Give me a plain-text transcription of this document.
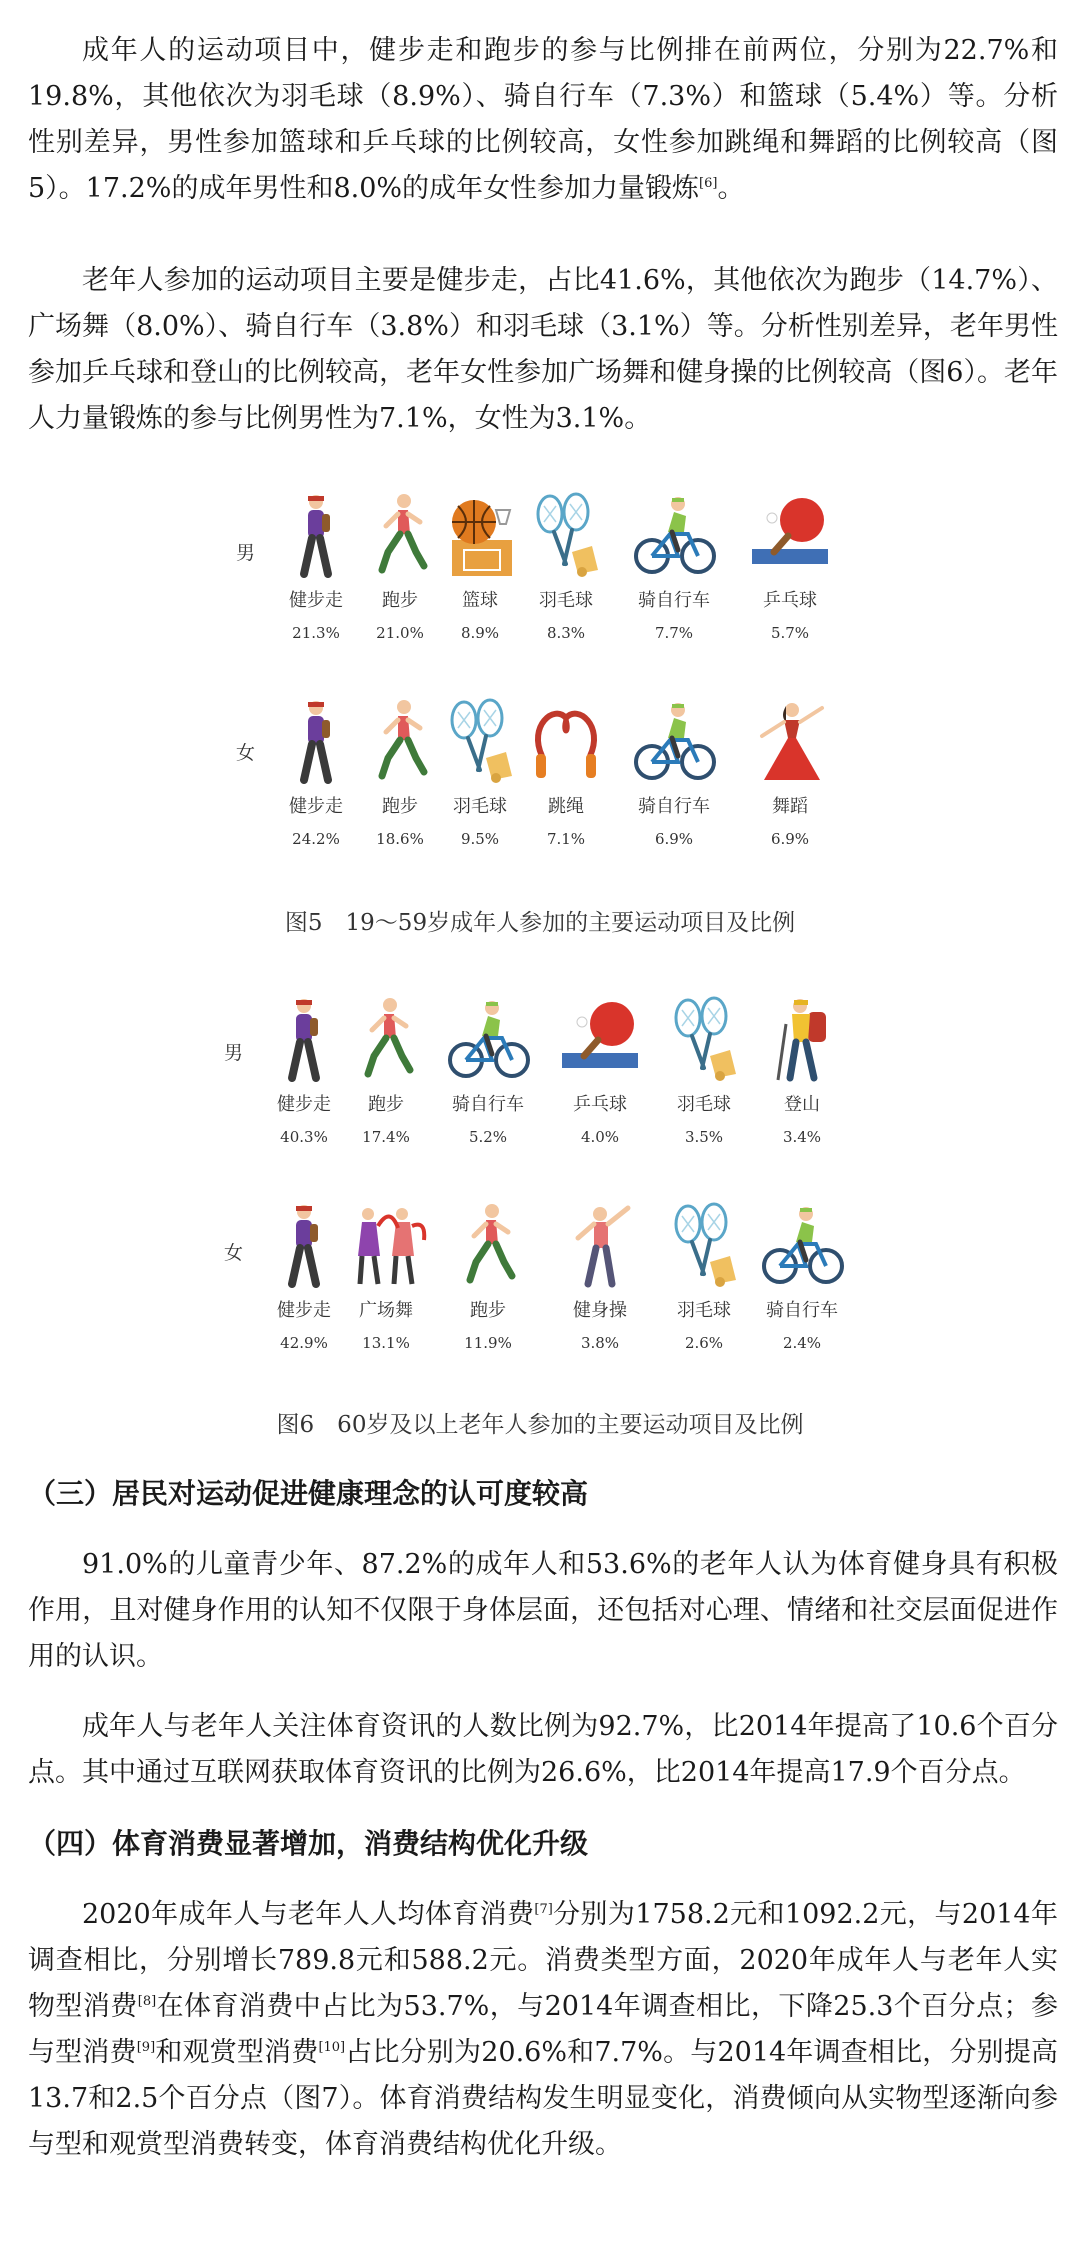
成年人的运动项目中，健步走和跑步的参与比例排在前两位，分别为22.7%和19.8%，其他依次为羽毛球（8.9%）、骑自行车（7.3%）和篮球（5.4%）等。分析性别差异，男性参加篮球和乒乓球的比例较高，女性参加跳绳和舞蹈的比例较高（图5）。17.2%的成年男性和8.0%的成年女性参加力量锻炼[6]。

老年人参加的运动项目主要是健步走，占比41.6%，其他依次为跑步（14.7%）、广场舞（8.0%）、骑自行车（3.8%）和羽毛球（3.1%）等。分析性别差异，老年男性参加乒乓球和登山的比例较高，老年女性参加广场舞和健身操的比例较高（图6）。老年人力量锻炼的参与比例男性为7.1%，女性为3.1%。

男
女
健步走
21.3%
跑步
21.0%
篮球
8.9%
羽毛球
8.3%
骑自行车
7.7%
乒乓球
5.7%
健步走
24.2%
跑步
18.6%
羽毛球
9.5%
跳绳
7.1%
骑自行车
6.9%
舞蹈
6.9%
图5　19～59岁成年人参加的主要运动项目及比例
男
女
健步走
40.3%
跑步
17.4%
骑自行车
5.2%
乒乓球
4.0%
羽毛球
3.5%
登山
3.4%
健步走
42.9%
广场舞
13.1%
跑步
11.9%
健身操
3.8%
羽毛球
2.6%
骑自行车
2.4%
图6　60岁及以上老年人参加的主要运动项目及比例
（三）居民对运动促进健康理念的认可度较高

91.0%的儿童青少年、87.2%的成年人和53.6%的老年人认为体育健身具有积极作用，且对健身作用的认知不仅限于身体层面，还包括对心理、情绪和社交层面促进作用的认识。

成年人与老年人关注体育资讯的人数比例为92.7%，比2014年提高了10.6个百分点。其中通过互联网获取体育资讯的比例为26.6%，比2014年提高17.9个百分点。

（四）体育消费显著增加，消费结构优化升级

2020年成年人与老年人人均体育消费[7]分别为1758.2元和1092.2元，与2014年调查相比，分别增长789.8元和588.2元。消费类型方面，2020年成年人与老年人实物型消费[8]在体育消费中占比为53.7%，与2014年调查相比，下降25.3个百分点；参与型消费[9]和观赏型消费[10]占比分别为20.6%和7.7%。与2014年调查相比，分别提高13.7和2.5个百分点（图7）。体育消费结构发生明显变化，消费倾向从实物型逐渐向参与型和观赏型消费转变，体育消费结构优化升级。
